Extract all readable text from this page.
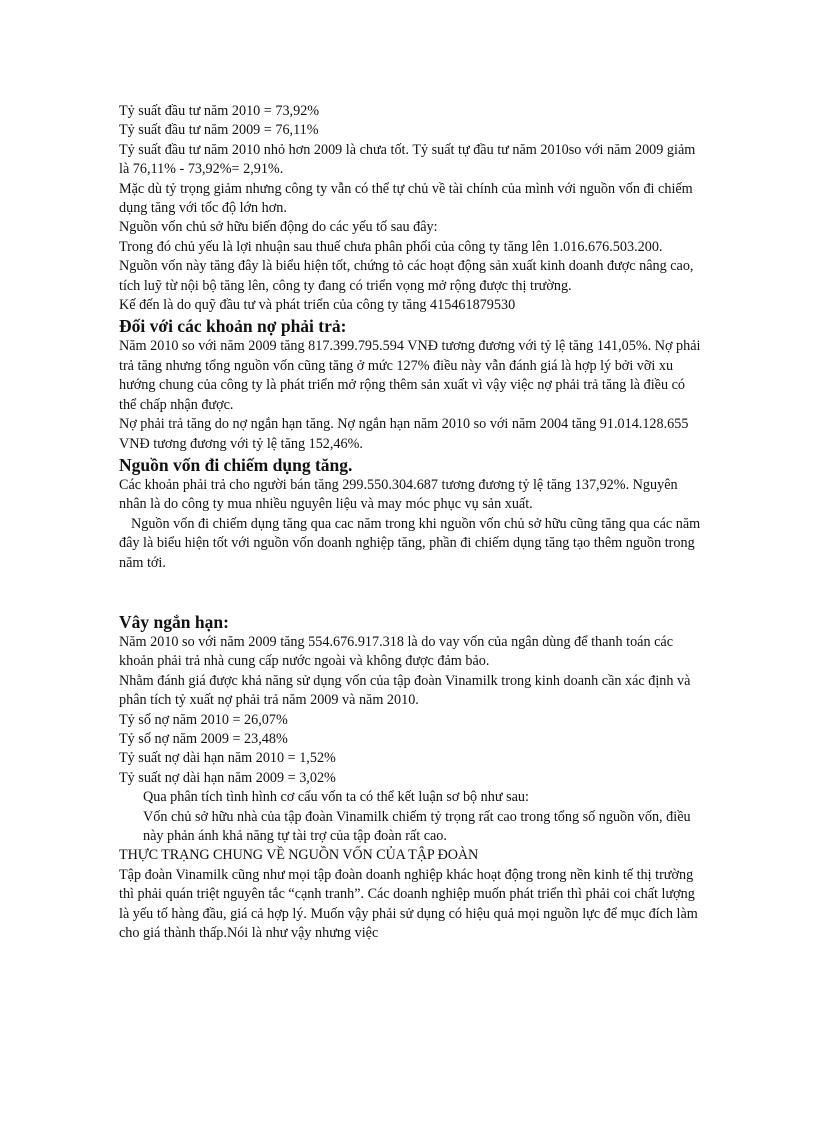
Tỷ suất đầu tư năm 2010 = 73,92%

Tỷ suất đầu tư năm 2009 = 76,11%

Tỷ suất đầu tư năm 2010 nhỏ hơn 2009 là chưa tốt. Tỷ suất tự đầu tư năm 2010so với năm 2009 giảm là 76,11% - 73,92%= 2,91%.

Mặc dù tỷ trọng giảm nhưng công ty vẫn có thể tự chủ về tài chính của mình với nguồn vốn đi chiếm dụng tăng với tốc độ lớn hơn.

Nguồn vốn chủ sở hữu biến động do các yếu tố sau đây:

Trong đó chủ yếu là lợi nhuận sau thuế chưa phân phối của công ty tăng lên 1.016.676.503.200. Nguồn vốn này tăng đây là biểu hiện tốt, chứng tỏ các hoạt động sản xuất kinh doanh được nâng cao, tích luỹ từ nội bộ tăng lên, công ty đang có triển vọng mở rộng được thị trường.

Kế đến là do quỹ đầu tư và phát triển của công ty tăng 415461879530

Đối với các khoản nợ phải trả:

Năm 2010 so với năm 2009 tăng 817.399.795.594 VNĐ tương đương với tỷ lệ tăng 141,05%. Nợ phải trả tăng nhưng tổng nguồn vốn cũng tăng ở mức 127% điều này vẫn đánh giá là hợp lý bởi vỡi xu hướng chung của công ty là phát triển mở rộng thêm sản xuất vì vậy việc nợ phải trả tăng là điều có thể chấp nhận được.

Nợ phải trả tăng do nợ ngắn hạn tăng. Nợ ngắn hạn năm 2010 so với năm 2004 tăng 91.014.128.655 VNĐ tương đương với tỷ lệ tăng 152,46%.

Nguồn vốn đi chiếm dụng tăng.

Các khoản phải trả cho người bán tăng 299.550.304.687 tương đương tỷ lệ tăng 137,92%. Nguyên nhân là do công ty mua nhiều nguyên liệu và may móc phục vụ sản xuất.

Nguồn vốn đi chiếm dụng tăng qua cac năm trong khi nguồn vốn chủ sở hữu cũng tăng qua các năm đây là biểu hiện tốt với nguồn vốn doanh nghiệp tăng, phần đi chiếm dụng tăng tạo thêm nguồn trong năm tới.

Vây ngắn hạn:

Năm 2010 so với năm 2009 tăng 554.676.917.318 là do vay vốn của ngân dùng để thanh toán các khoản phải trả nhà cung cấp nước ngoài và không được đảm bảo.

Nhằm đánh giá được khả năng sử dụng vốn của tập đoàn Vinamilk trong kinh doanh cần xác định và phân tích tỷ xuất nợ phải trả năm 2009 và năm 2010.

Tỷ số nợ năm 2010 = 26,07%

Tỷ số nợ năm 2009 = 23,48%

Tỷ suất nợ dài hạn năm 2010 = 1,52%

Tỷ suất nợ dài hạn năm 2009 = 3,02%

Qua phân tích tình hình cơ cấu vốn ta có thể kết luận sơ bộ như sau:

Vốn chủ sở hữu nhà của tập đoàn Vinamilk chiếm tỷ trọng rất cao trong tổng số nguồn vốn, điều này phản ánh khả năng tự tài trợ của tập đoàn rất cao.

THỰC TRẠNG CHUNG VỀ NGUỒN VỐN CỦA TẬP ĐOÀN

Tập đoàn Vinamilk cũng như mọi tập đoàn doanh nghiệp khác hoạt động trong nền kinh tế thị trường thì phải quán triệt nguyên tắc “cạnh tranh”. Các doanh nghiệp muốn phát triển thì phải coi chất lượng là yếu tố hàng đầu, giá cả hợp lý. Muốn vậy phải sử dụng có hiệu quả mọi nguồn lực để mục đích làm cho giá thành thấp.Nói là như vậy nhưng việc
